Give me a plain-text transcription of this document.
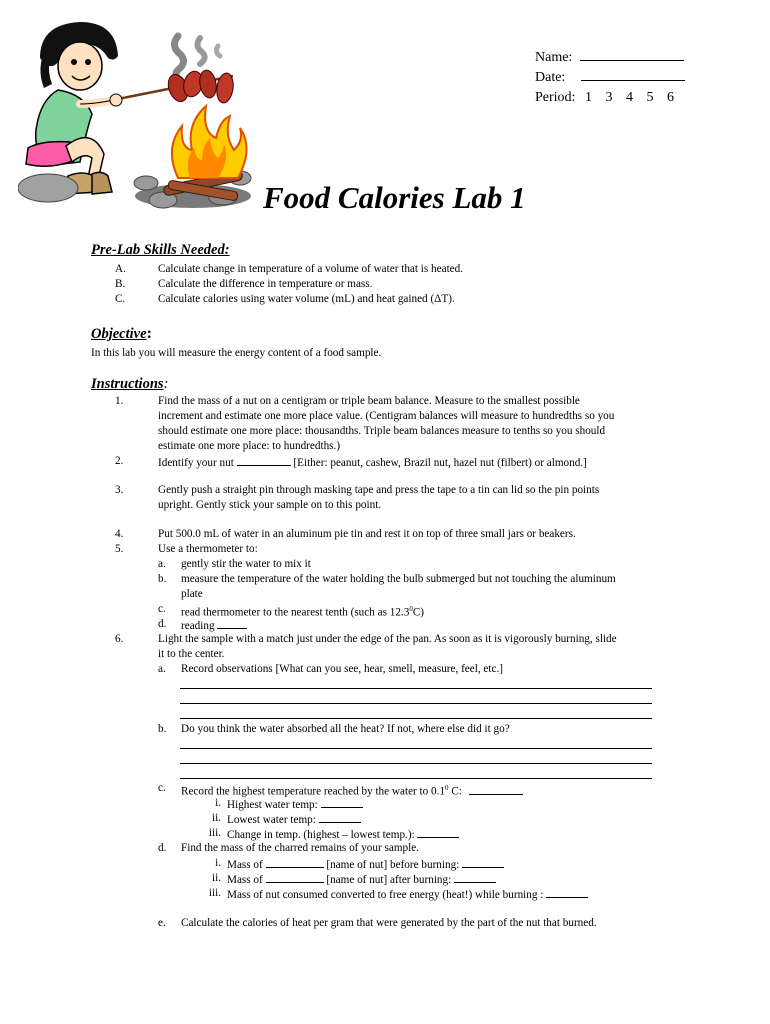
Name:
Date:
Period: 1 3 4 5 6
Food Calories Lab 1
Pre-Lab Skills Needed:
A.	Calculate change in temperature of a volume of water that is heated.
B.	Calculate the difference in temperature or mass.
C.	Calculate calories using water volume (mL) and heat gained (ΔT).
Objective:
In this lab you will measure the energy content of a food sample.
Instructions:
1.	Find the mass of a nut on a centigram or triple beam balance. Measure to the smallest possible
increment and estimate one more place value. (Centigram balances will measure to hundredths so you
should estimate one more place: thousandths. Triple beam balances measure to tenths so you should
estimate one more place: to hundredths.)
2.	Identify your nut	[Either: peanut, cashew, Brazil nut, hazel nut (filbert) or almond.]
3.	Gently push a straight pin through masking tape and press the tape to a tin can lid so the pin points
upright. Gently stick your sample on to this point.
4.	Put 500.0 mL of water in an aluminum pie tin and rest it on top of three small jars or beakers.
5.	Use a thermometer to:
a. gently stir the water to mix it
b. measure the temperature of the water holding the bulb submerged but not touching the aluminum
plate
c. read thermometer to the nearest tenth (such as 12.3$^0$C)
d. reading
6.	Light the sample with a match just under the edge of the pan. As soon as it is vigorously burning, slide
it to the center.
a. Record observations [What can you see, hear, smell, measure, feel, etc.]
b. Do you think the water absorbed all the heat? If not, where else did it go?
c. Record the highest temperature reached by the water to $0.1^0$ C:
i. Highest water temp:
ii. Lowest water temp:
iii. Change in temp. (highest – lowest temp.):
d. Find the mass of the charred remains of your sample.
i. Mass of	[name of nut] before burning:
ii. Mass of	[name of nut] after burning:
iii. Mass of nut consumed converted to free energy (heat!) while burning :
e. Calculate the calories of heat per gram that were generated by the part of the nut that burned.
